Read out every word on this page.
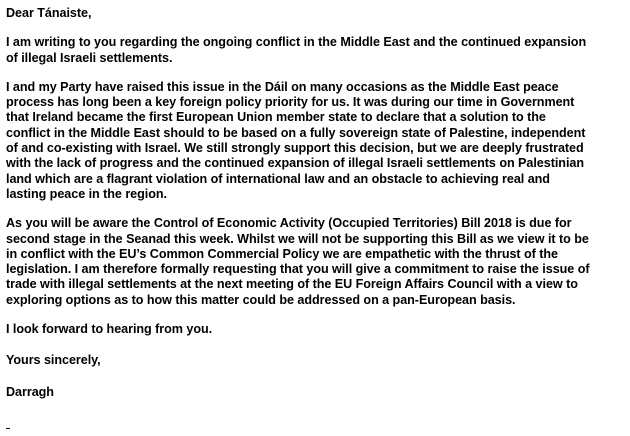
Dear Tánaiste,
I am writing to you regarding the ongoing conflict in the Middle East and the continued expansion
of illegal Israeli settlements.
I and my Party have raised this issue in the Dáil on many occasions as the Middle East peace
process has long been a key foreign policy priority for us. It was during our time in Government
that Ireland became the first European Union member state to declare that a solution to the
conflict in the Middle East should to be based on a fully sovereign state of Palestine, independent
of and co-existing with Israel. We still strongly support this decision, but we are deeply frustrated
with the lack of progress and the continued expansion of illegal Israeli settlements on Palestinian
land which are a flagrant violation of international law and an obstacle to achieving real and
lasting peace in the region.
As you will be aware the Control of Economic Activity (Occupied Territories) Bill 2018 is due for
second stage in the Seanad this week. Whilst we will not be supporting this Bill as we view it to be
in conflict with the EU’s Common Commercial Policy we are empathetic with the thrust of the
legislation. I am therefore formally requesting that you will give a commitment to raise the issue of
trade with illegal settlements at the next meeting of the EU Foreign Affairs Council with a view to
exploring options as to how this matter could be addressed on a pan-European basis.
I look forward to hearing from you.
Yours sincerely,
Darragh
